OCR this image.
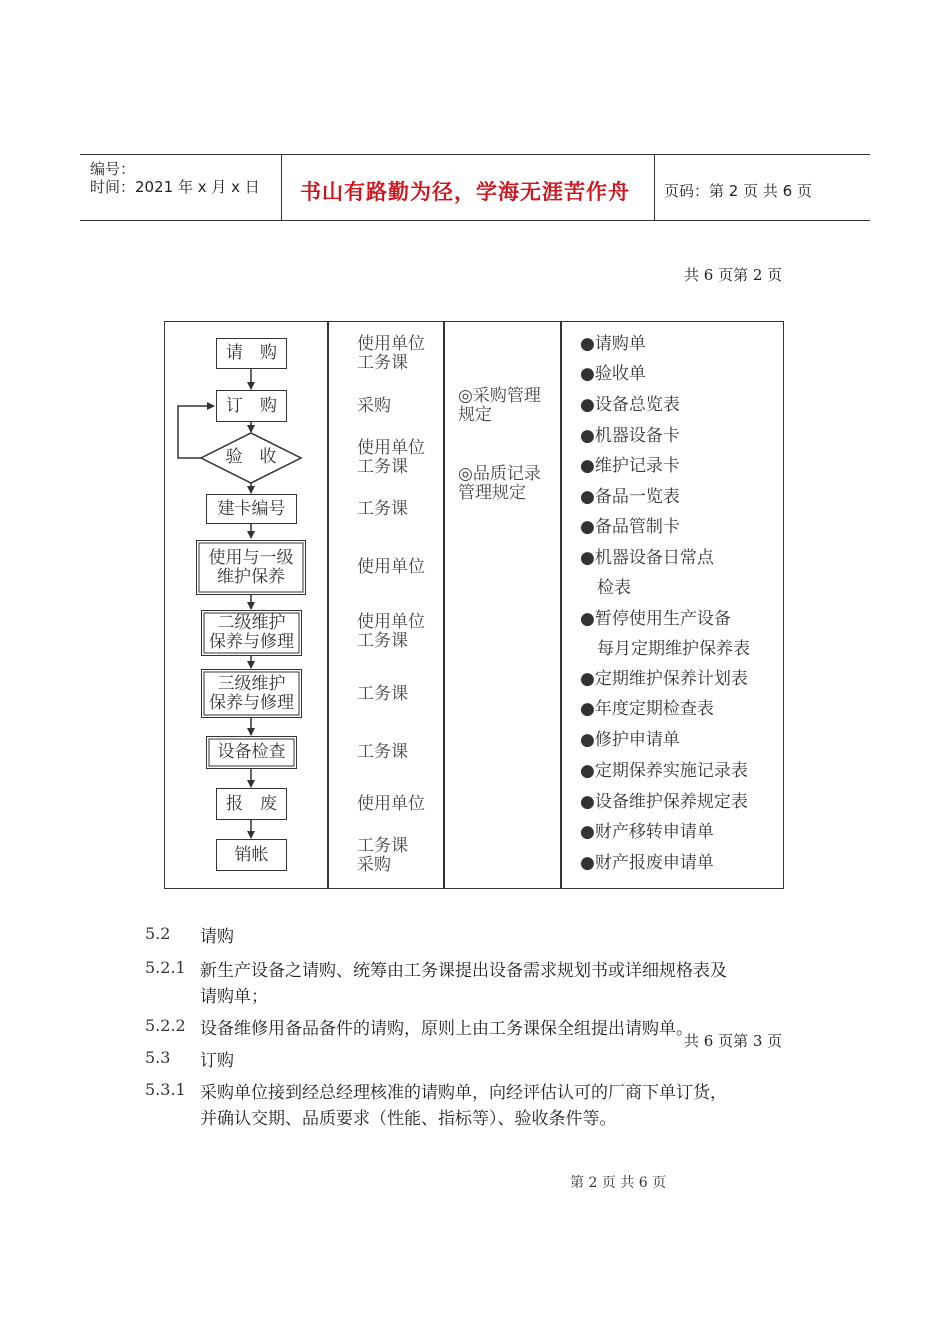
编号：
时间：2021 年 x 月 x 日 书山有路勤为径，学海无涯苦作舟 页码：第 2 页 共 6 页
共 6 页第 2 页
请　购
订　购
验　收
建卡编号
使用与一级
维护保养
二级维护
保养与修理
三级维护
保养与修理
设备检查
报　废
销帐
使用单位
工务课
采购
使用单位
工务课
工务课
使用单位
使用单位
工务课
工务课
工务课
使用单位
工务课
采购
◎采购管理
规定
◎品质记录
管理规定
●请购单
●验收单
●设备总览表
●机器设备卡
●维护记录卡
●备品一览表
●备品管制卡
●机器设备日常点
　检表
●暂停使用生产设备
　每月定期维护保养表
●定期维护保养计划表
●年度定期检查表
●修护申请单
●定期保养实施记录表
●设备维护保养规定表
●财产移转申请单
●财产报废申请单
5.2 请购
5.2.1 新生产设备之请购、统筹由工务课提出设备需求规划书或详细规格表及
请购单；
5.2.2 设备维修用备品备件的请购，原则上由工务课保全组提出请购单。
共 6 页第 3 页
5.3 订购
5.3.1 采购单位接到经总经理核准的请购单，向经评估认可的厂商下单订货，
并确认交期、品质要求（性能、指标等）、验收条件等。
第 2 页 共 6 页
